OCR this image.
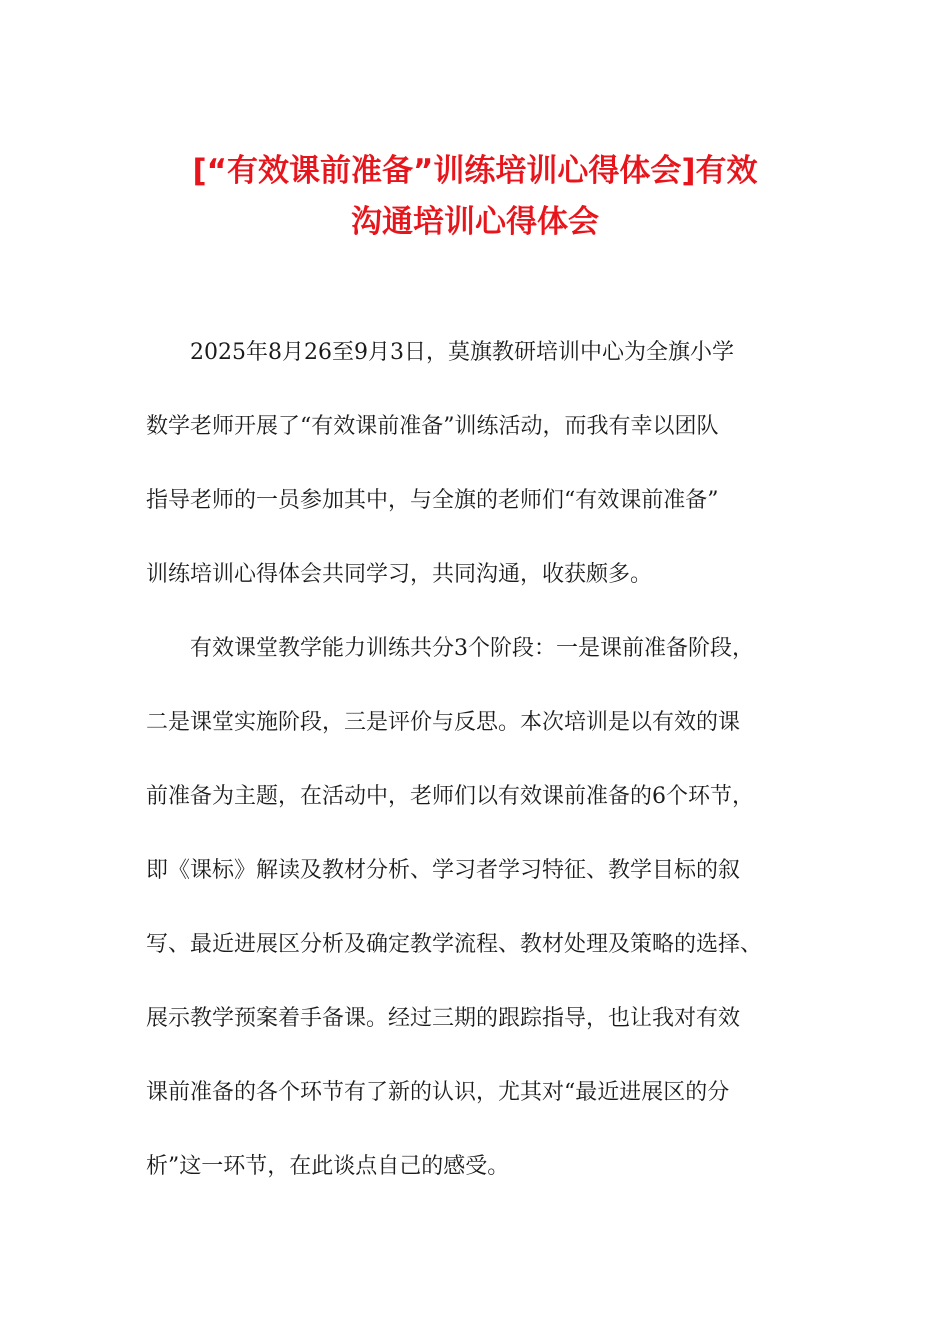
[“有效课前准备”训练培训心得体会]有效
沟通培训心得体会
2025年8月26至9月3日，莫旗教研培训中心为全旗小学
数学老师开展了“有效课前准备”训练活动，而我有幸以团队
指导老师的一员参加其中，与全旗的老师们“有效课前准备”
训练培训心得体会共同学习，共同沟通，收获颇多。
有效课堂教学能力训练共分3个阶段：一是课前准备阶段，
二是课堂实施阶段，三是评价与反思。本次培训是以有效的课
前准备为主题，在活动中，老师们以有效课前准备的6个环节，
即《课标》解读及教材分析、学习者学习特征、教学目标的叙
写、最近进展区分析及确定教学流程、教材处理及策略的选择、
展示教学预案着手备课。经过三期的跟踪指导，也让我对有效
课前准备的各个环节有了新的认识，尤其对“最近进展区的分
析”这一环节，在此谈点自己的感受。
